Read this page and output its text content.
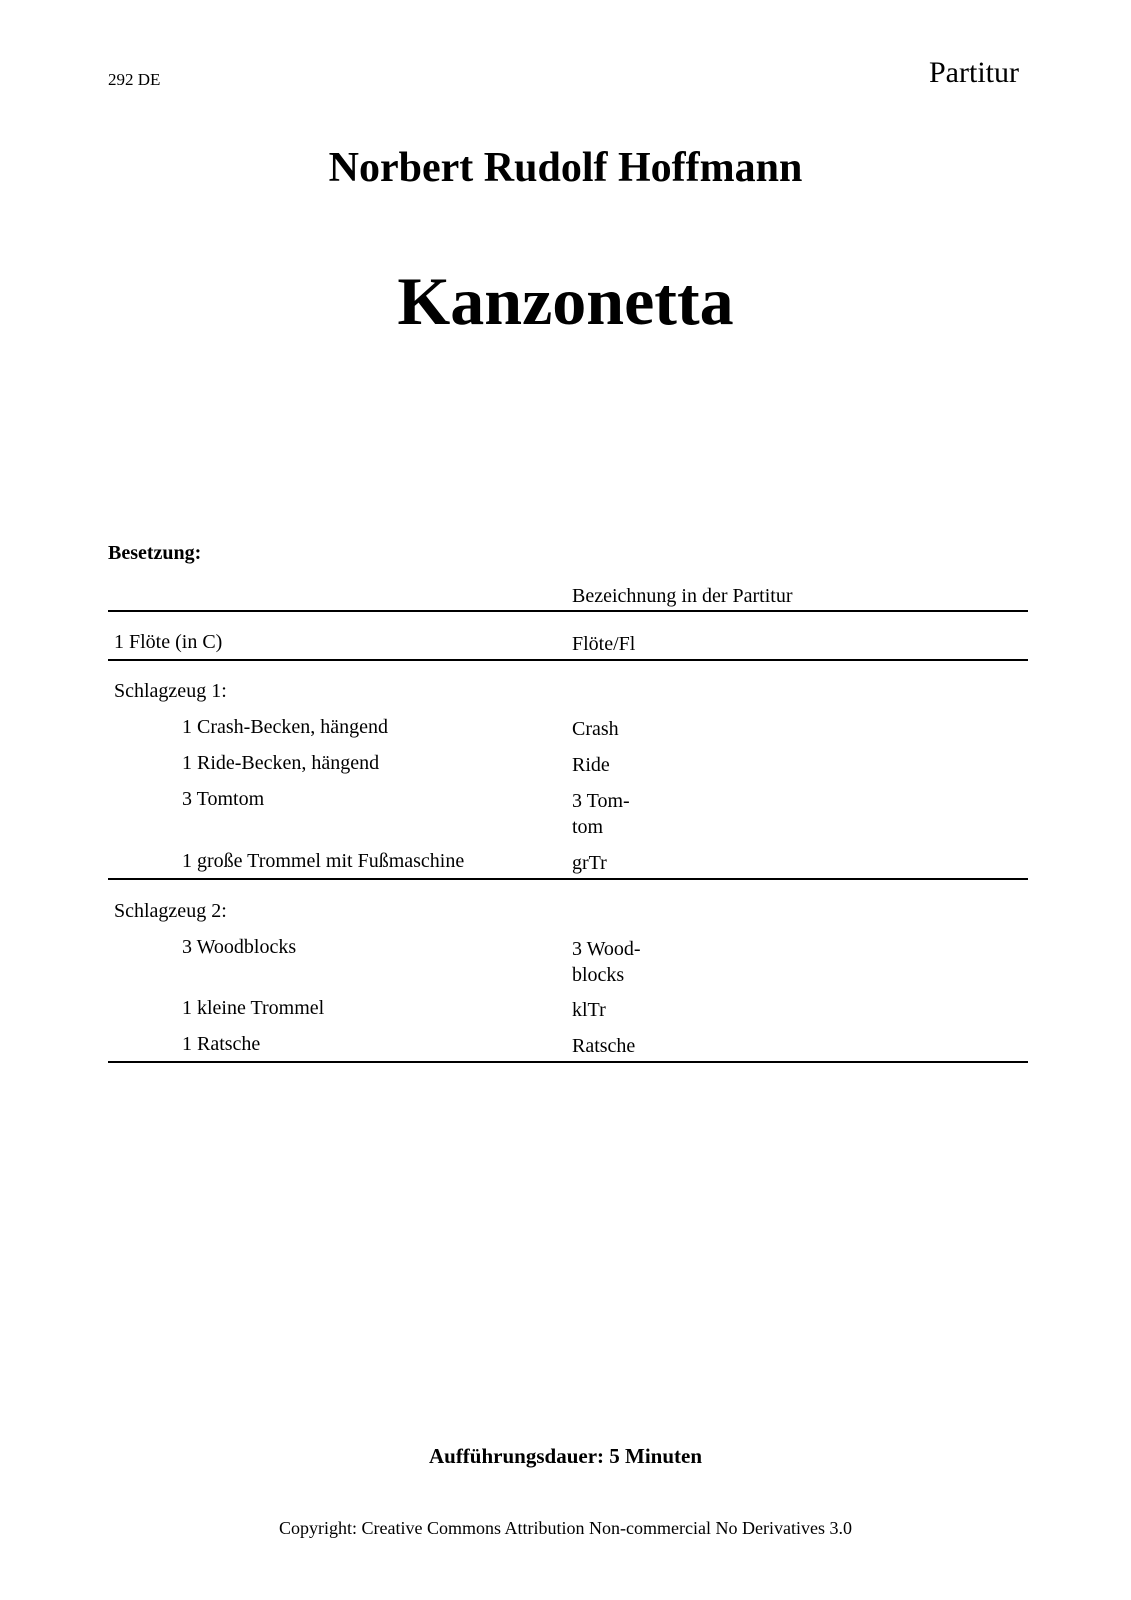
292 DE	Partitur
Norbert Rudolf Hoffmann
Kanzonetta
Besetzung:
Bezeichnung in der Partitur
1 Flöte (in C)	Flöte/Fl
Schlagzeug 1:
1 Crash-Becken, hängend	Crash
1 Ride-Becken, hängend	Ride
3 Tomtom	3 Tom-
tom
1 große Trommel mit Fußmaschine	grTr
Schlagzeug 2:
3 Woodblocks	3 Wood-
blocks
1 kleine Trommel	klTr
1 Ratsche	Ratsche
Aufführungsdauer: 5 Minuten
Copyright: Creative Commons Attribution Non-commercial No Derivatives 3.0
